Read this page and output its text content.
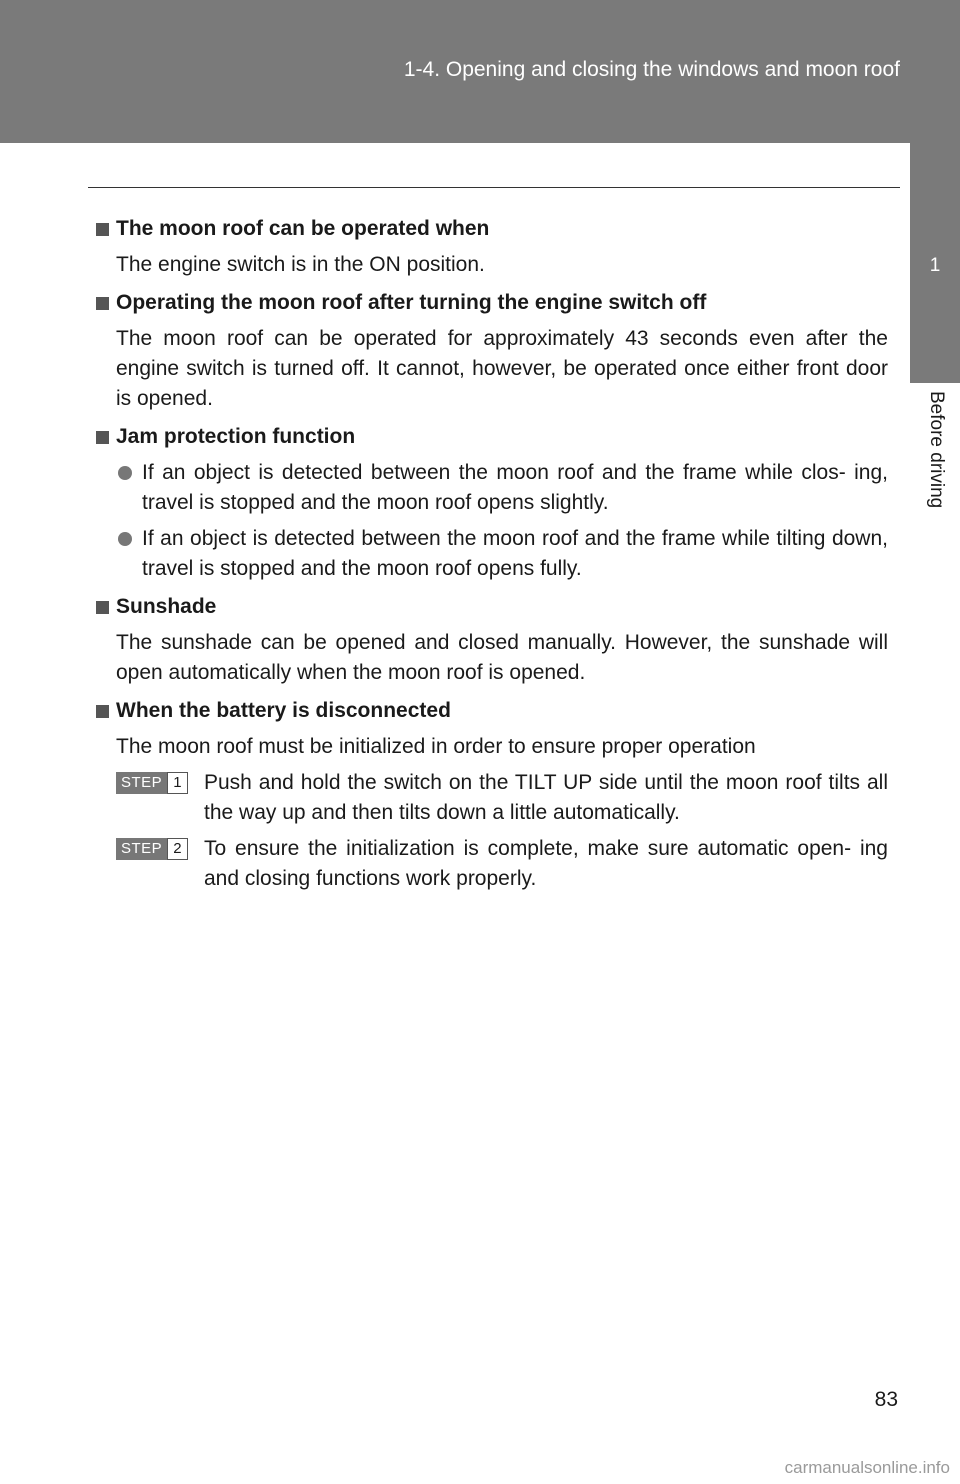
1-4. Opening and closing the windows and moon roof
1
Before driving

The moon roof can be operated when

The engine switch is in the ON position.

Operating the moon roof after turning the engine switch off

The moon roof can be operated for approximately 43 seconds even after the engine switch is turned off. It cannot, however, be operated once either front door is opened.

Jam protection function

If an object is detected between the moon roof and the frame while clos- ing, travel is stopped and the moon roof opens slightly.

If an object is detected between the moon roof and the frame while tilting down, travel is stopped and the moon roof opens fully.

Sunshade

The sunshade can be opened and closed manually. However, the sunshade will open automatically when the moon roof is opened.

When the battery is disconnected

The moon roof must be initialized in order to ensure proper operation

STEP 1 Push and hold the switch on the TILT UP side until the moon roof tilts all the way up and then tilts down a little automatically.
STEP 2 To ensure the initialization is complete, make sure automatic open- ing and closing functions work properly.
83
carmanualsonline.info
